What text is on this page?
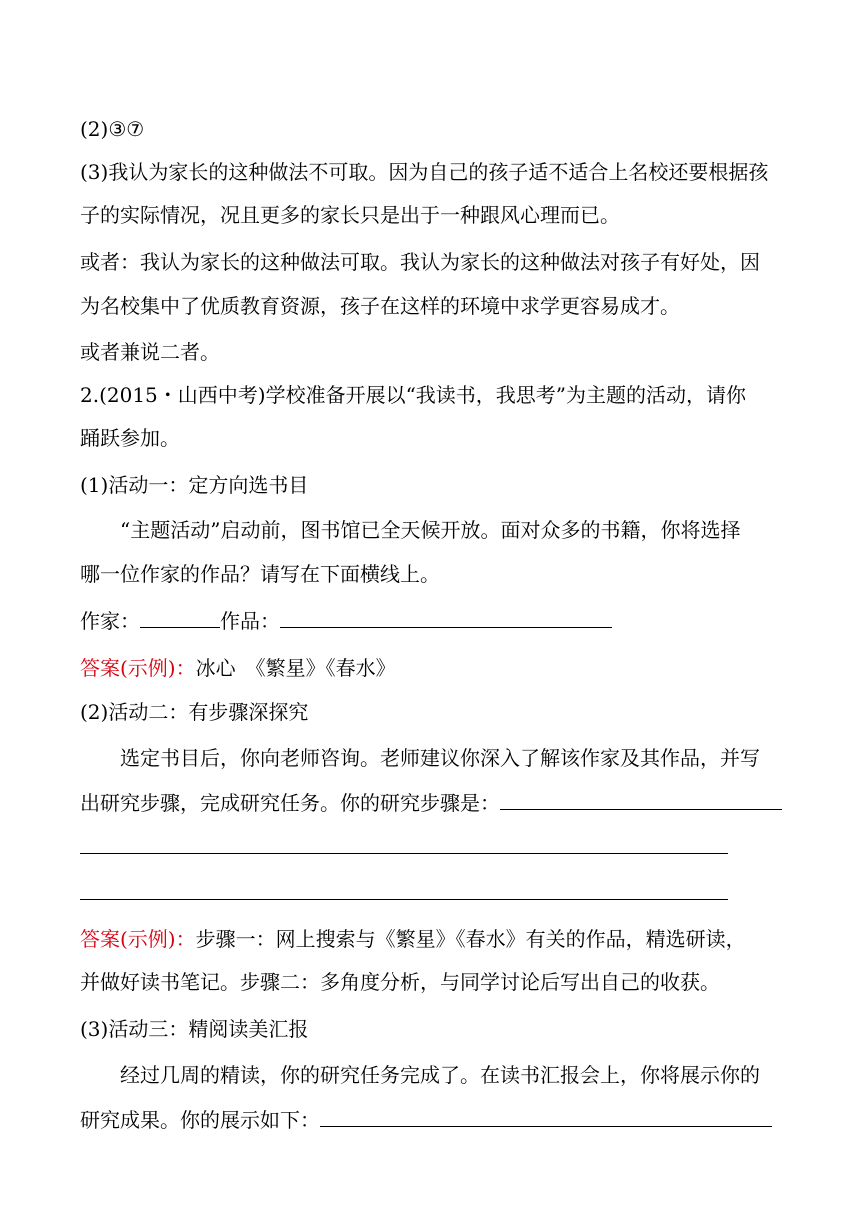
(2)③⑦
(3)我认为家长的这种做法不可取。因为自己的孩子适不适合上名校还要根据孩
子的实际情况，况且更多的家长只是出于一种跟风心理而已。
或者：我认为家长的这种做法可取。我认为家长的这种做法对孩子有好处，因
为名校集中了优质教育资源，孩子在这样的环境中求学更容易成才。
或者兼说二者。
2.(2015・山西中考)学校准备开展以“我读书，我思考”为主题的活动，请你
踊跃参加。
(1)活动一：定方向选书目
“主题活动”启动前，图书馆已全天候开放。面对众多的书籍，你将选择
哪一位作家的作品？请写在下面横线上。
作家：	作品：
答案(示例)：冰心　《繁星》《春水》
(2)活动二：有步骤深探究
选定书目后，你向老师咨询。老师建议你深入了解该作家及其作品，并写
出研究步骤，完成研究任务。你的研究步骤是：
答案(示例)：步骤一：网上搜索与《繁星》《春水》有关的作品，精选研读，
并做好读书笔记。步骤二：多角度分析，与同学讨论后写出自己的收获。
(3)活动三：精阅读美汇报
经过几周的精读，你的研究任务完成了。在读书汇报会上，你将展示你的
研究成果。你的展示如下：
